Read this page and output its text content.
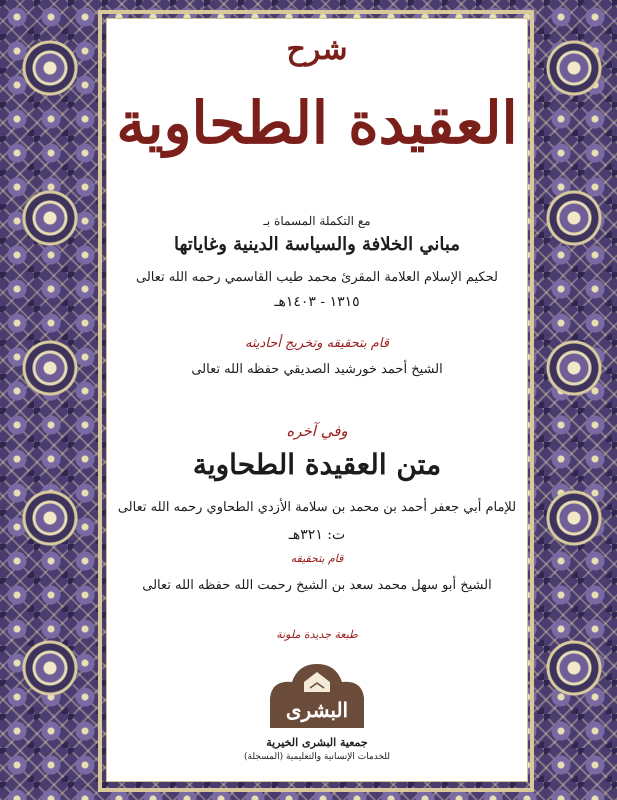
شرح
العقيدة الطحاوية
مع التكملة المسماة بـ
مباني الخلافة والسياسة الدينية وغاياتها
لحكيم الإسلام العلامة المقرئ محمد طيب القاسمي رحمه الله تعالى
١٣١٥ - ١٤٠٣هـ
قام بتحقيقه وتخريج أحاديثه
الشيخ أحمد خورشيد الصديقي حفظه الله تعالى
وفي آخره
متن العقيدة الطحاوية
للإمام أبي جعفر أحمد بن محمد بن سلامة الأزدي الطحاوي رحمه الله تعالى
ت: ٣٢١هـ
قام بتحقيقه
الشيخ أبو سهل محمد سعد بن الشيخ رحمت الله حفظه الله تعالى
طبعة جديدة ملونة
البشرى
جمعية البشرى الخيرية
للخدمات الإنسانية والتعليمية (المسجلة)
